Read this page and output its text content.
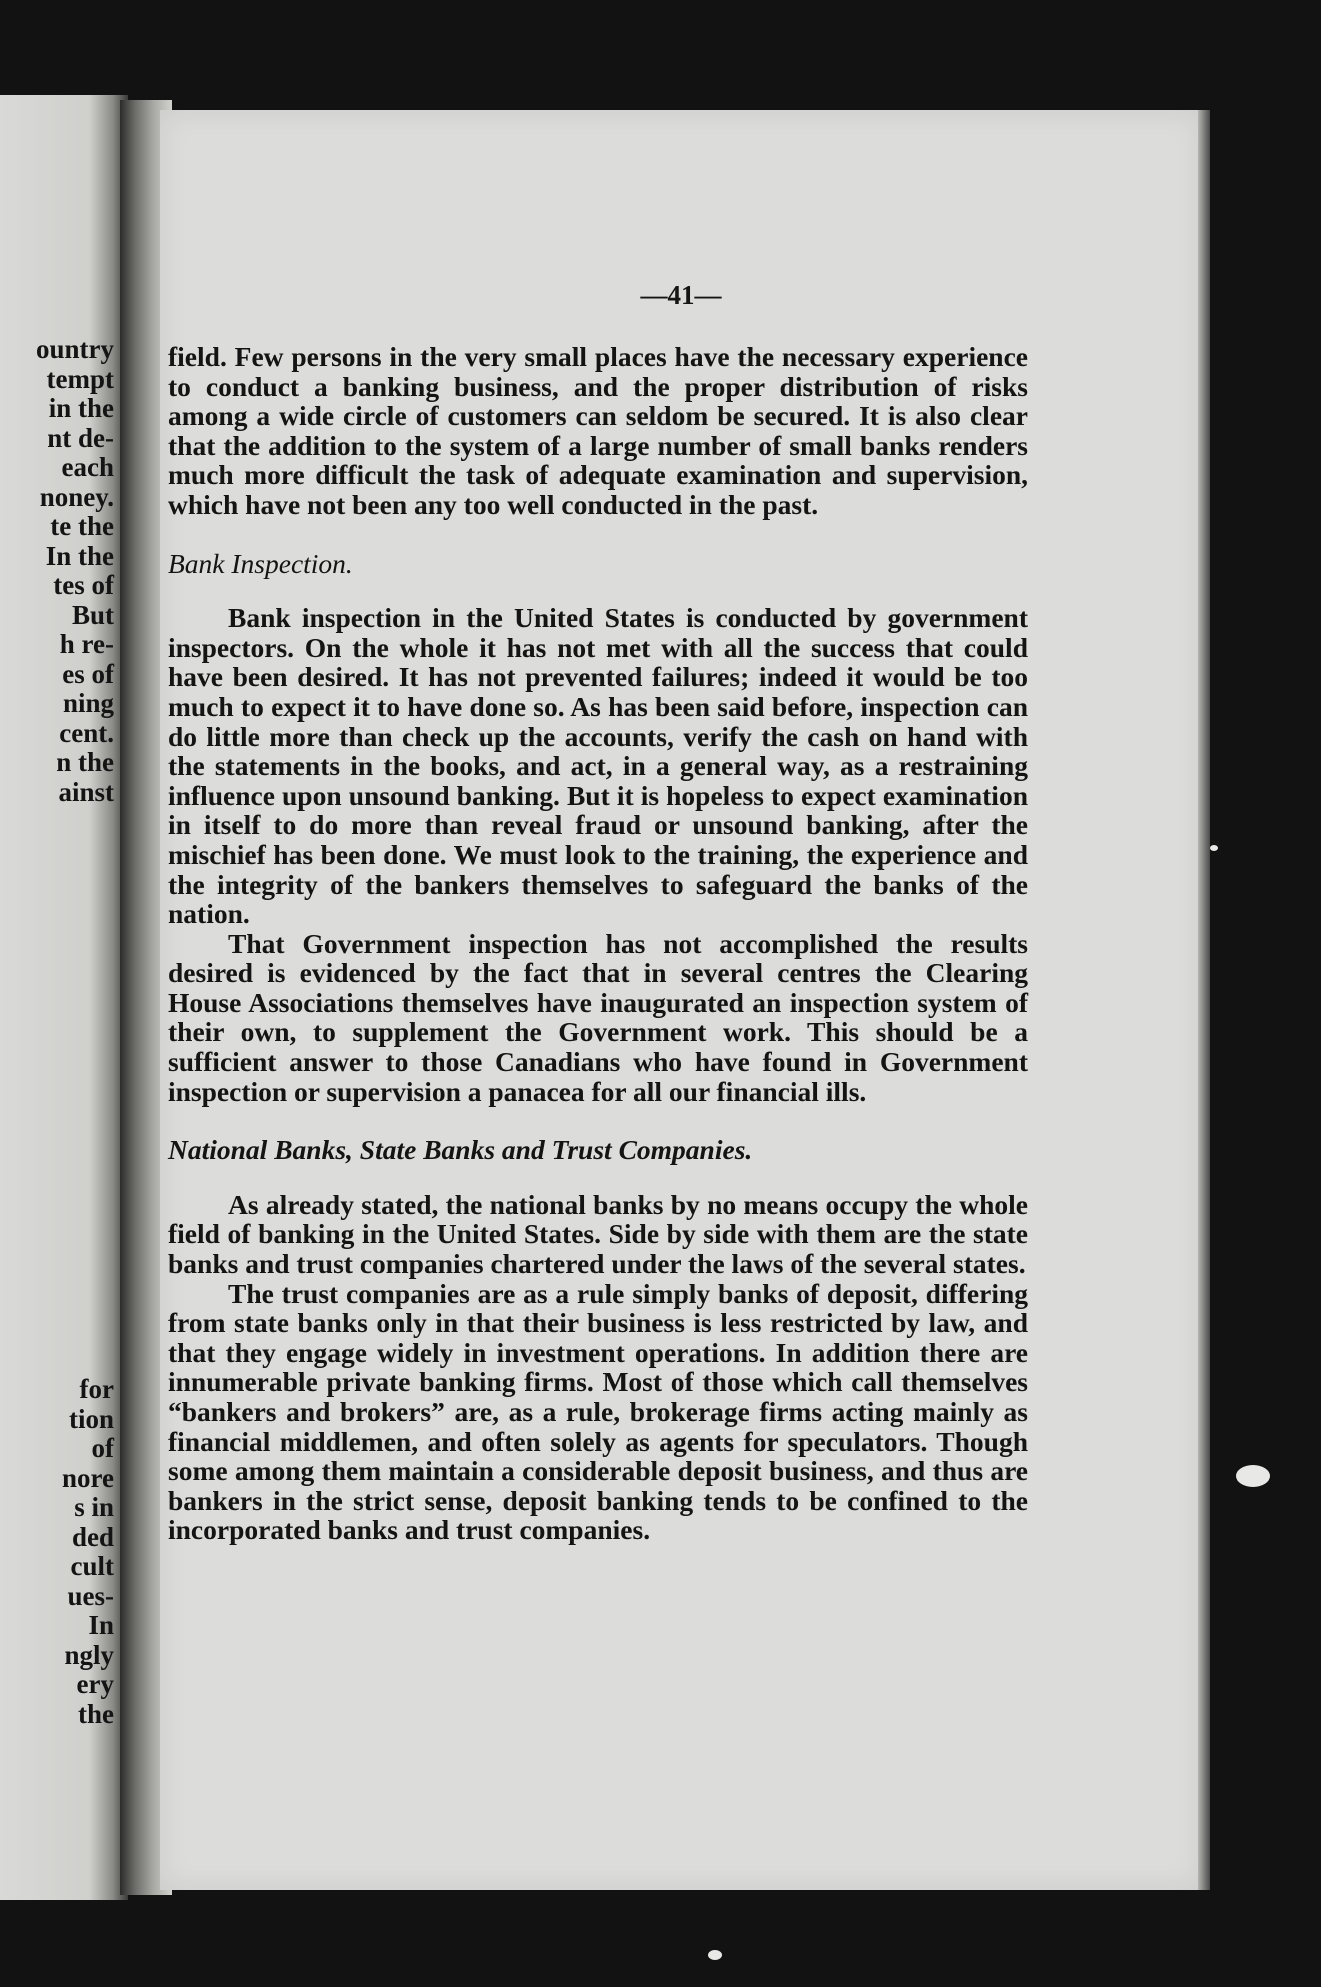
ountry
tempt
in the
nt de-
each
noney.
te the
In the
tes of
But
h re-
es of
ning
cent.
n the
ainst
for
tion
of
nore
s in
ded
cult
ues-
In
ngly
ery
the
—41—

field. Few persons in the very small places have the necessary experience to conduct a banking business, and the proper distribution of risks among a wide circle of customers can seldom be secured. It is also clear that the addition to the system of a large number of small banks renders much more difficult the task of adequate examination and supervision, which have not been any too well conducted in the past.

Bank Inspection.

Bank inspection in the United States is conducted by government inspectors. On the whole it has not met with all the success that could have been desired. It has not prevented failures; indeed it would be too much to expect it to have done so. As has been said before, inspection can do little more than check up the accounts, verify the cash on hand with the statements in the books, and act, in a general way, as a restraining influence upon unsound banking. But it is hopeless to expect examination in itself to do more than reveal fraud or unsound banking, after the mischief has been done. We must look to the training, the experience and the integrity of the bankers themselves to safeguard the banks of the nation.

That Government inspection has not accomplished the results desired is evidenced by the fact that in several centres the Clearing House Associations themselves have inaugurated an inspection system of their own, to supplement the Government work. This should be a sufficient answer to those Canadians who have found in Government inspection or supervision a panacea for all our financial ills.

National Banks, State Banks and Trust Companies.

As already stated, the national banks by no means occupy the whole field of banking in the United States. Side by side with them are the state banks and trust companies chartered under the laws of the several states.

The trust companies are as a rule simply banks of deposit, differing from state banks only in that their business is less restricted by law, and that they engage widely in investment operations. In addition there are innumerable private banking firms. Most of those which call themselves “bankers and brokers” are, as a rule, brokerage firms acting mainly as financial middlemen, and often solely as agents for speculators. Though some among them maintain a considerable deposit business, and thus are bankers in the strict sense, deposit banking tends to be confined to the incorporated banks and trust companies.
